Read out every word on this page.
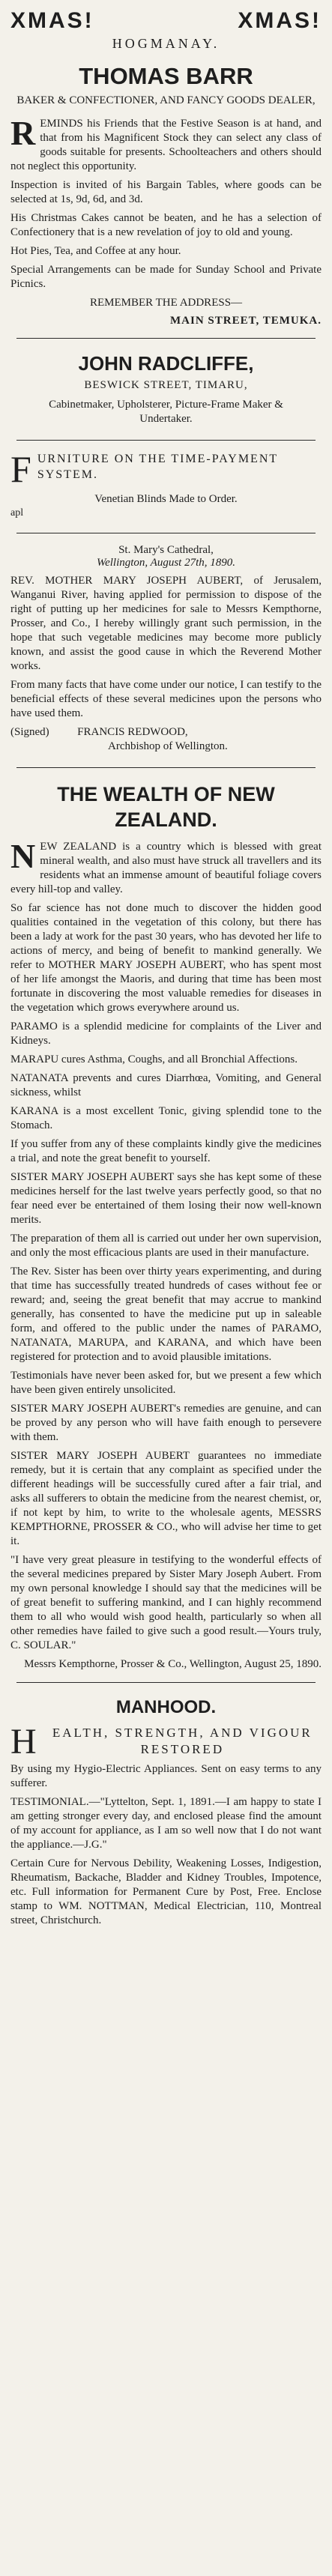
XMAS!	XMAS!
HOGMANAY.
THOMAS BARR
BAKER & CONFECTIONER, AND FANCY GOODS DEALER,

REMINDS his Friends that the Festive Season is at hand, and that from his Magnificent Stock they can select any class of goods suitable for presents. Schoolteachers and others should not neglect this opportunity.

Inspection is invited of his Bargain Tables, where goods can be selected at 1s, 9d, 6d, and 3d.

His Christmas Cakes cannot be beaten, and he has a selection of Confectionery that is a new revelation of joy to old and young.

Hot Pies, Tea, and Coffee at any hour.

Special Arrangements can be made for Sunday School and Private Picnics.

REMEMBER THE ADDRESS—

MAIN STREET, TEMUKA.
JOHN RADCLIFFE,
BESWICK STREET, TIMARU,
Cabinetmaker, Upholsterer, Picture-Frame Maker & Undertaker.
FURNITURE ON THE TIME-PAYMENT SYSTEM.
Venetian Blinds Made to Order.
apl
St. Mary's Cathedral,
Wellington, August 27th, 1890.

REV. MOTHER MARY JOSEPH AUBERT, of Jerusalem, Wanganui River, having applied for permission to dispose of the right of putting up her medicines for sale to Messrs Kempthorne, Prosser, and Co., I hereby willingly grant such permission, in the hope that such vegetable medicines may become more publicly known, and assist the good cause in which the Reverend Mother works.

From many facts that have come under our notice, I can testify to the beneficial effects of these several medicines upon the persons who have used them.

(Signed)	FRANCIS REDWOOD,
Archbishop of Wellington.
THE WEALTH OF NEW ZEALAND.

NEW ZEALAND is a country which is blessed with great mineral wealth, and also must have struck all travellers and its residents what an immense amount of beautiful foliage covers every hill-top and valley.

So far science has not done much to discover the hidden good qualities contained in the vegetation of this colony, but there has been a lady at work for the past 30 years, who has devoted her life to actions of mercy, and being of benefit to mankind generally. We refer to MOTHER MARY JOSEPH AUBERT, who has spent most of her life amongst the Maoris, and during that time has been most fortunate in discovering the most valuable remedies for diseases in the vegetation which grows everywhere around us.

PARAMO is a splendid medicine for complaints of the Liver and Kidneys.

MARAPU cures Asthma, Coughs, and all Bronchial Affections.

NATANATA prevents and cures Diarrhœa, Vomiting, and General sickness, whilst

KARANA is a most excellent Tonic, giving splendid tone to the Stomach.

If you suffer from any of these complaints kindly give the medicines a trial, and note the great benefit to yourself.

SISTER MARY JOSEPH AUBERT says she has kept some of these medicines herself for the last twelve years perfectly good, so that no fear need ever be entertained of them losing their now well-known merits.

The preparation of them all is carried out under her own supervision, and only the most efficacious plants are used in their manufacture.

The Rev. Sister has been over thirty years experimenting, and during that time has successfully treated hundreds of cases without fee or reward; and, seeing the great benefit that may accrue to mankind generally, has consented to have the medicine put up in saleable form, and offered to the public under the names of PARAMO, NATANATA, MARUPA, and KARANA, and which have been registered for protection and to avoid plausible imitations.

Testimonials have never been asked for, but we present a few which have been given entirely unsolicited.

SISTER MARY JOSEPH AUBERT's remedies are genuine, and can be proved by any person who will have faith enough to persevere with them.

SISTER MARY JOSEPH AUBERT guarantees no immediate remedy, but it is certain that any complaint as specified under the different headings will be successfully cured after a fair trial, and asks all sufferers to obtain the medicine from the nearest chemist, or, if not kept by him, to write to the wholesale agents, MESSRS KEMPTHORNE, PROSSER & CO., who will advise her time to get it.

"I have very great pleasure in testifying to the wonderful effects of the several medicines prepared by Sister Mary Joseph Aubert. From my own personal knowledge I should say that the medicines will be of great benefit to suffering mankind, and I can highly recommend them to all who would wish good health, particularly so when all other remedies have failed to give such a good result.—Yours truly, C. SOULAR."

Messrs Kempthorne, Prosser & Co., Wellington, August 25, 1890.

MANHOOD.
H EALTH, STRENGTH, AND VIGOUR RESTORED

By using my Hygio-Electric Appliances. Sent on easy terms to any sufferer.

TESTIMONIAL.—"Lyttelton, Sept. 1, 1891.—I am happy to state I am getting stronger every day, and enclosed please find the amount of my account for appliance, as I am so well now that I do not want the appliance.—J.G."

Certain Cure for Nervous Debility, Weakening Losses, Indigestion, Rheumatism, Backache, Bladder and Kidney Troubles, Impotence, etc. Full information for Permanent Cure by Post, Free. Enclose stamp to WM. NOTTMAN, Medical Electrician, 110, Montreal street, Christchurch.
